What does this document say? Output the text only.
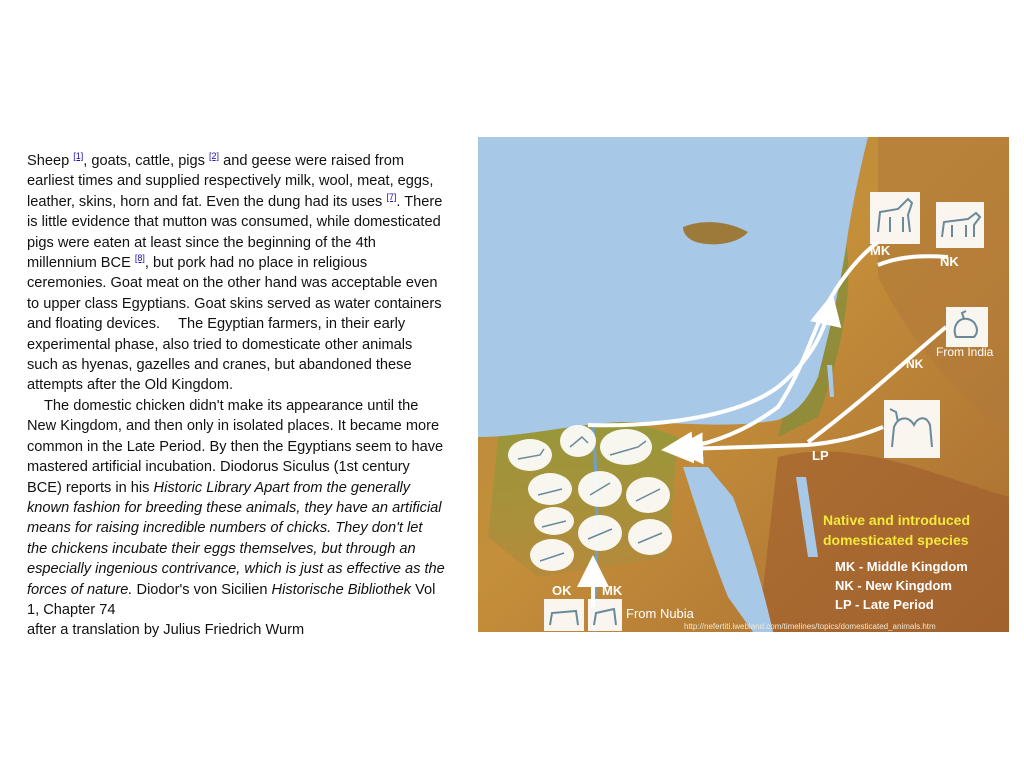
Sheep [1], goats, cattle, pigs [2] and geese were raised from earliest times and supplied respectively milk, wool, meat, eggs, leather, skins, horn and fat. Even the dung had its uses [7]. There is little evidence that mutton was consumed, while domesticated pigs were eaten at least since the beginning of the 4th millennium BCE [8], but pork had no place in religious ceremonies. Goat meat on the other hand was acceptable even to upper class Egyptians. Goat skins served as water containers and floating devices. The Egyptian farmers, in their early experimental phase, also tried to domesticate other animals such as hyenas, gazelles and cranes, but abandoned these attempts after the Old Kingdom.

The domestic chicken didn't make its appearance until the New Kingdom, and then only in isolated places. It became more common in the Late Period. By then the Egyptians seem to have mastered artificial incubation. Diodorus Siculus (1st century BCE) reports in his Historic Library Apart from the generally known fashion for breeding these animals, they have an artificial means for raising incredible numbers of chicks. They don't let the chickens incubate their eggs themselves, but through an especially ingenious contrivance, which is just as effective as the forces of nature. Diodor's von Sicilien Historische Bibliothek Vol 1, Chapter 74

after a translation by Julius Friedrich Wurm

MK
NK
From India
NK
LP
OK MK
From Nubia
Native and introduced
domesticated species
MK - Middle Kingdom
NK - New Kingdom
LP - Late Period
http://nefertiti.iwebland.com/timelines/topics/domesticated_animals.htm
